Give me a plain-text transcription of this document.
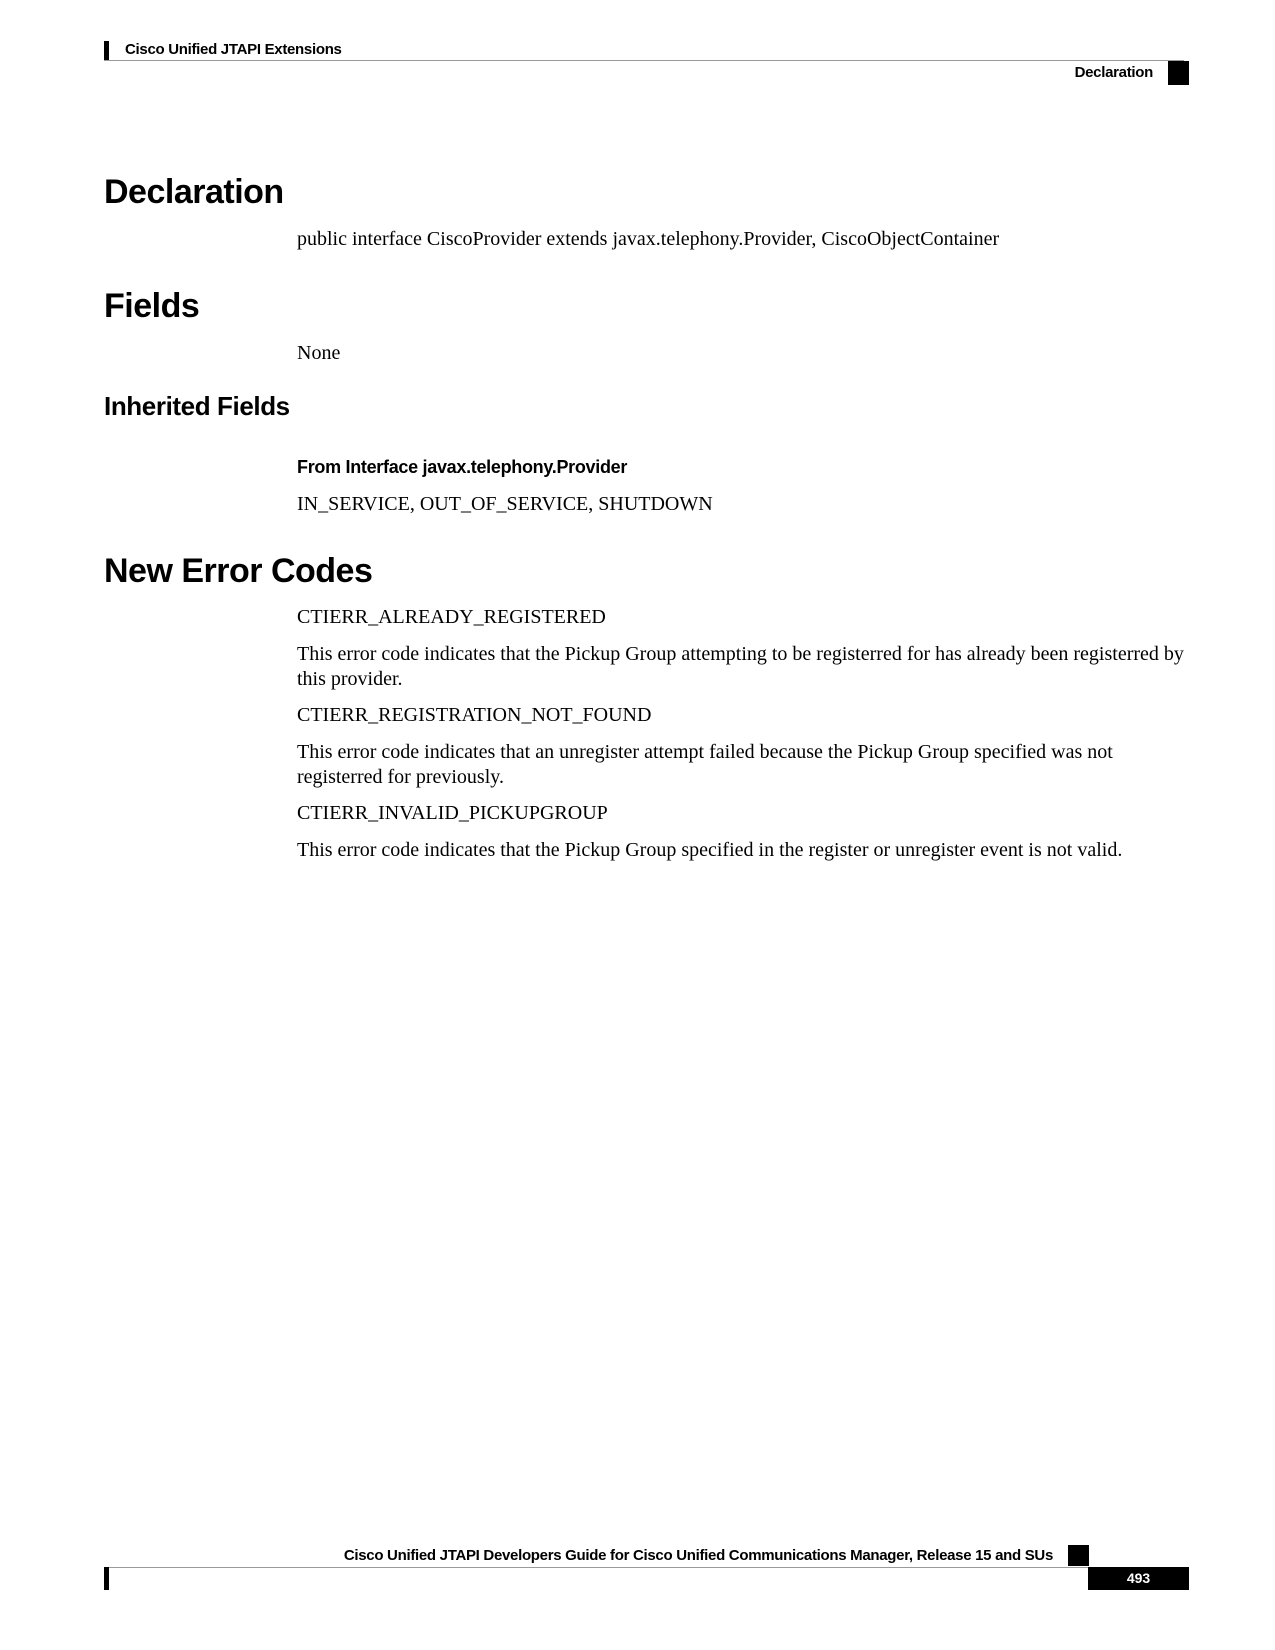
Cisco Unified JTAPI Extensions
Declaration
Declaration

public interface CiscoProvider extends javax.telephony.Provider, CiscoObjectContainer

Fields

None

Inherited Fields
From Interface javax.telephony.Provider

IN_SERVICE, OUT_OF_SERVICE, SHUTDOWN

New Error Codes

CTIERR_ALREADY_REGISTERED

This error code indicates that the Pickup Group attempting to be registerred for has already been registerred by this provider.

CTIERR_REGISTRATION_NOT_FOUND

This error code indicates that an unregister attempt failed because the Pickup Group specified was not registerred for previously.

CTIERR_INVALID_PICKUPGROUP

This error code indicates that the Pickup Group specified in the register or unregister event is not valid.

Cisco Unified JTAPI Developers Guide for Cisco Unified Communications Manager, Release 15 and SUs
493
